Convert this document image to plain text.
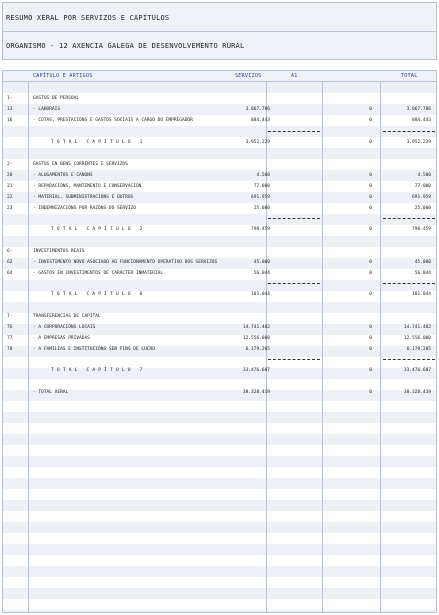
RESUMO XERAL POR SERVIZOS E CAPÍTULOS
ORGANISMO - 12 AXENCIA GALEGA DE DESENVOLVEMENTO RURAL
CAPÍTULO E ARTIGOS	SERVIZOS	A1	TOTAL
1-	GASTOS DE PERSOAL
13	- LABORAIS	3.067.786	0	3.067.786
16	- COTAS, PRESTACIÓNS E GASTOS SOCIAIS A CARGO DO EMPREGADOR	884.443	0	884.443
TOTAL CAPÍTULO 1	3.952.229	0	3.952.229
2-	GASTOS EN BENS CORRENTES E SERVIZOS
20	- ALUGAMENTOS E CANONS	4.500	0	4.500
21	- REPARACIÓNS, MANTEMENTO E CONSERVACIÓN	77.000	0	77.000
22	- MATERIAL, SUBMINISTRACIÓNS E OUTROS	691.959	0	691.959
23	- INDEMNIZACIÓNS POR RAZÓNS DO SERVIZO	25.000	0	25.000
TOTAL CAPÍTULO 2	798.459	0	798.459
6-	INVESTIMENTOS REAIS
62	- INVESTIMENTO NOVO ASOCIADO AO FUNCIONAMENTO OPERATIVO DOS SERVIZOS	45.000	0	45.000
64	- GASTOS EN INVESTIMENTOS DE CARÁCTER INMATERIAL	56.044	0	56.044
TOTAL CAPÍTULO 6	101.044	0	101.044
7-	TRANSFERENCIAS DE CAPITAL
76	- A CORPORACIÓNS LOCAIS	14.741.482	0	14.741.482
77	- A EMPRESAS PRIVADAS	12.556.000	0	12.556.000
78	- A FAMILIAS E INSTITUCIÓNS SEN FINS DE LUCRO	6.179.205	0	6.179.205
TOTAL CAPÍTULO 7	33.476.687	0	33.476.687
- TOTAL XERAL	38.328.419	0	38.328.419
